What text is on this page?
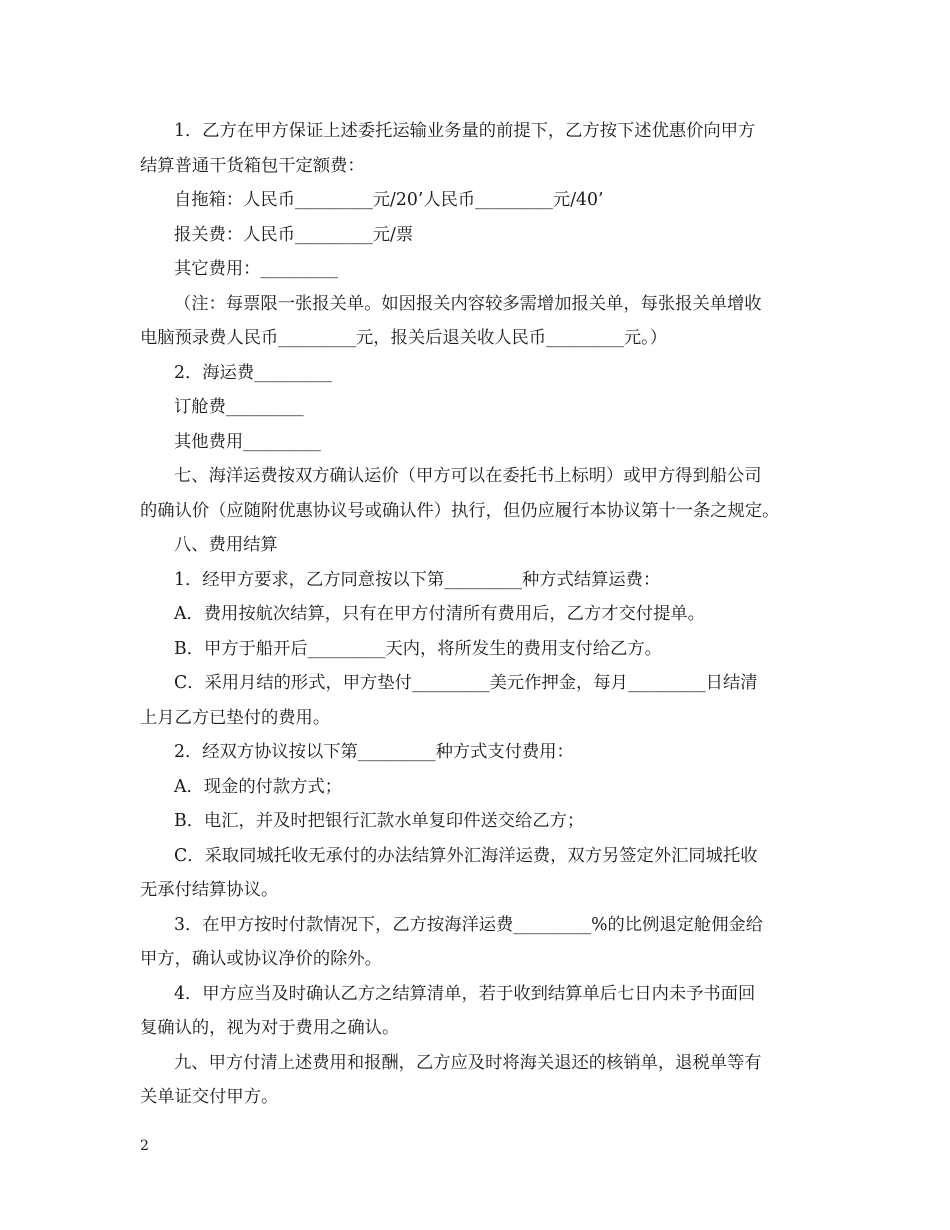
1．乙方在甲方保证上述委托运输业务量的前提下，乙方按下述优惠价向甲方
结算普通干货箱包干定额费：
自拖箱：人民币_________元/20’人民币_________元/40’
报关费：人民币_________元/票
其它费用：_________
（注：每票限一张报关单。如因报关内容较多需增加报关单，每张报关单增收
电脑预录费人民币_________元，报关后退关收人民币_________元。）
2．海运费_________
订舱费_________
其他费用_________
七、海洋运费按双方确认运价（甲方可以在委托书上标明）或甲方得到船公司
的确认价（应随附优惠协议号或确认件）执行，但仍应履行本协议第十一条之规定。
八、费用结算
1．经甲方要求，乙方同意按以下第_________种方式结算运费：
A．费用按航次结算，只有在甲方付清所有费用后，乙方才交付提单。
B．甲方于船开后_________天内，将所发生的费用支付给乙方。
C．采用月结的形式，甲方垫付_________美元作押金，每月_________日结清
上月乙方已垫付的费用。
2．经双方协议按以下第_________种方式支付费用：
A．现金的付款方式；
B．电汇，并及时把银行汇款水单复印件送交给乙方；
C．采取同城托收无承付的办法结算外汇海洋运费，双方另签定外汇同城托收
无承付结算协议。
3．在甲方按时付款情况下，乙方按海洋运费_________%的比例退定舱佣金给
甲方，确认或协议净价的除外。
4．甲方应当及时确认乙方之结算清单，若于收到结算单后七日内未予书面回
复确认的，视为对于费用之确认。
九、甲方付清上述费用和报酬，乙方应及时将海关退还的核销单，退税单等有
关单证交付甲方。
2
